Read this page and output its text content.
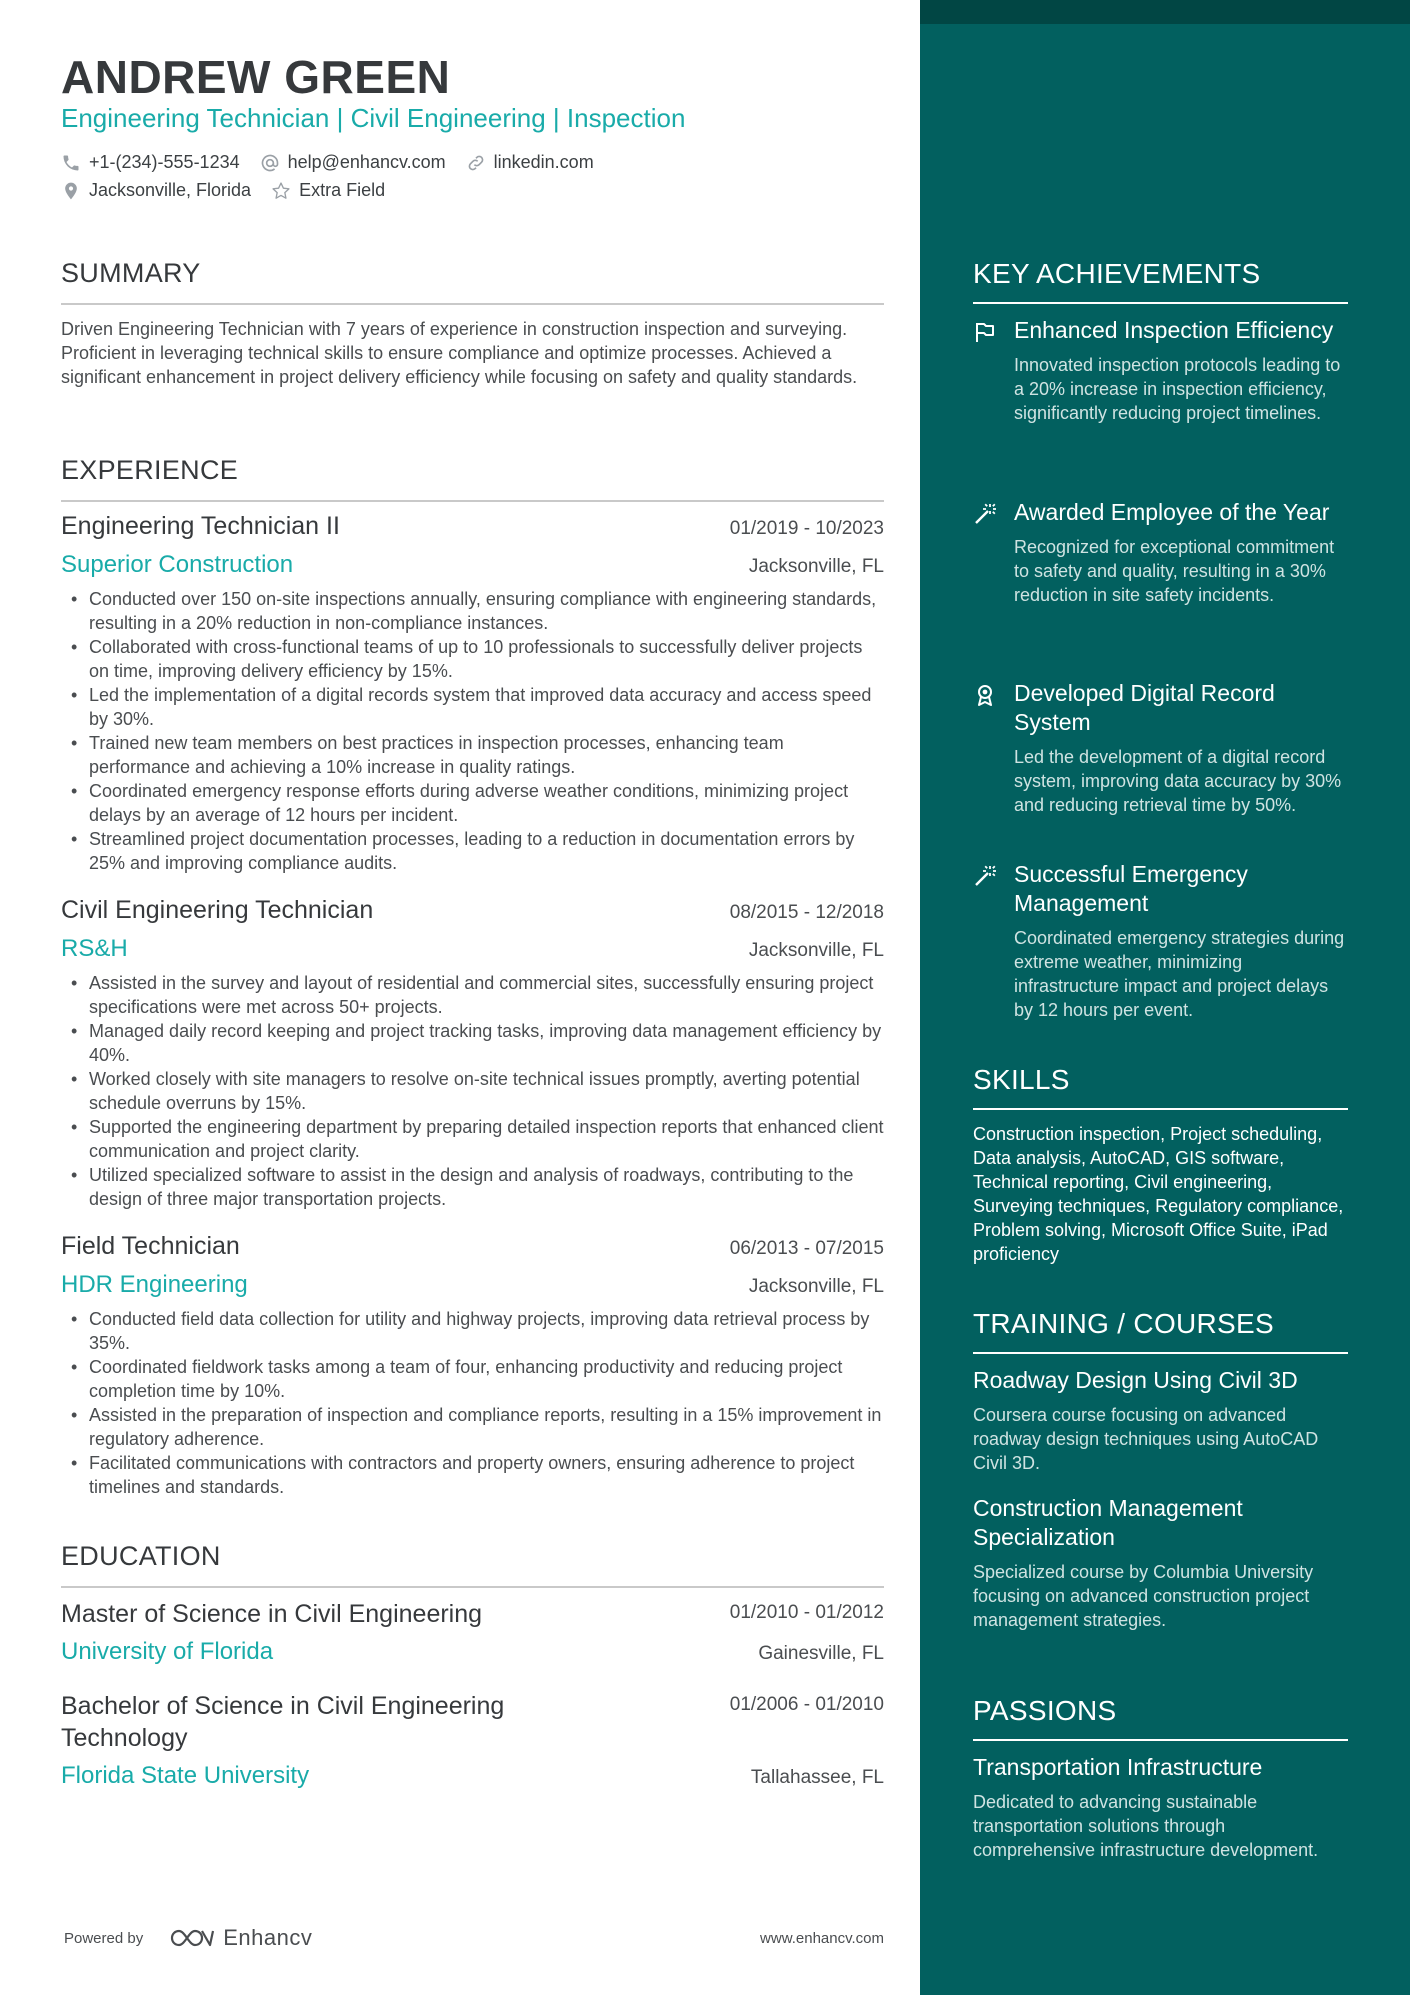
ANDREW GREEN
Engineering Technician | Civil Engineering | Inspection
+1-(234)-555-1234	help@enhancv.com	linkedin.com
Jacksonville, Florida	Extra Field
SUMMARY
Driven Engineering Technician with 7 years of experience in construction inspection and surveying. Proficient in leveraging technical skills to ensure compliance and optimize processes. Achieved a significant enhancement in project delivery efficiency while focusing on safety and quality standards.
EXPERIENCE
Engineering Technician II	01/2019 - 10/2023
Superior Construction	Jacksonville, FL
• Conducted over 150 on-site inspections annually, ensuring compliance with engineering standards, resulting in a 20% reduction in non-compliance instances.
• Collaborated with cross-functional teams of up to 10 professionals to successfully deliver projects on time, improving delivery efficiency by 15%.
• Led the implementation of a digital records system that improved data accuracy and access speed by 30%.
• Trained new team members on best practices in inspection processes, enhancing team performance and achieving a 10% increase in quality ratings.
• Coordinated emergency response efforts during adverse weather conditions, minimizing project delays by an average of 12 hours per incident.
• Streamlined project documentation processes, leading to a reduction in documentation errors by 25% and improving compliance audits.
Civil Engineering Technician	08/2015 - 12/2018
RS&H	Jacksonville, FL
• Assisted in the survey and layout of residential and commercial sites, successfully ensuring project specifications were met across 50+ projects.
• Managed daily record keeping and project tracking tasks, improving data management efficiency by 40%.
• Worked closely with site managers to resolve on-site technical issues promptly, averting potential schedule overruns by 15%.
• Supported the engineering department by preparing detailed inspection reports that enhanced client communication and project clarity.
• Utilized specialized software to assist in the design and analysis of roadways, contributing to the design of three major transportation projects.
Field Technician	06/2013 - 07/2015
HDR Engineering	Jacksonville, FL
• Conducted field data collection for utility and highway projects, improving data retrieval process by 35%.
• Coordinated fieldwork tasks among a team of four, enhancing productivity and reducing project completion time by 10%.
• Assisted in the preparation of inspection and compliance reports, resulting in a 15% improvement in regulatory adherence.
• Facilitated communications with contractors and property owners, ensuring adherence to project timelines and standards.
EDUCATION
Master of Science in Civil Engineering	01/2010 - 01/2012
University of Florida	Gainesville, FL
Bachelor of Science in Civil Engineering Technology
01/2006 - 01/2010
Florida State University	Tallahassee, FL
Powered by	Enhancv	www.enhancv.com
KEY ACHIEVEMENTS
Enhanced Inspection Efficiency
Innovated inspection protocols leading to a 20% increase in inspection efficiency, significantly reducing project timelines.
Awarded Employee of the Year
Recognized for exceptional commitment to safety and quality, resulting in a 30% reduction in site safety incidents.
Developed Digital Record System
Led the development of a digital record system, improving data accuracy by 30% and reducing retrieval time by 50%.
Successful Emergency Management
Coordinated emergency strategies during extreme weather, minimizing infrastructure impact and project delays by 12 hours per event.
SKILLS
Construction inspection, Project scheduling, Data analysis, AutoCAD, GIS software, Technical reporting, Civil engineering, Surveying techniques, Regulatory compliance, Problem solving, Microsoft Office Suite, iPad proficiency
TRAINING / COURSES
Roadway Design Using Civil 3D
Coursera course focusing on advanced roadway design techniques using AutoCAD Civil 3D.
Construction Management Specialization
Specialized course by Columbia University focusing on advanced construction project management strategies.
PASSIONS
Transportation Infrastructure
Dedicated to advancing sustainable transportation solutions through comprehensive infrastructure development.
